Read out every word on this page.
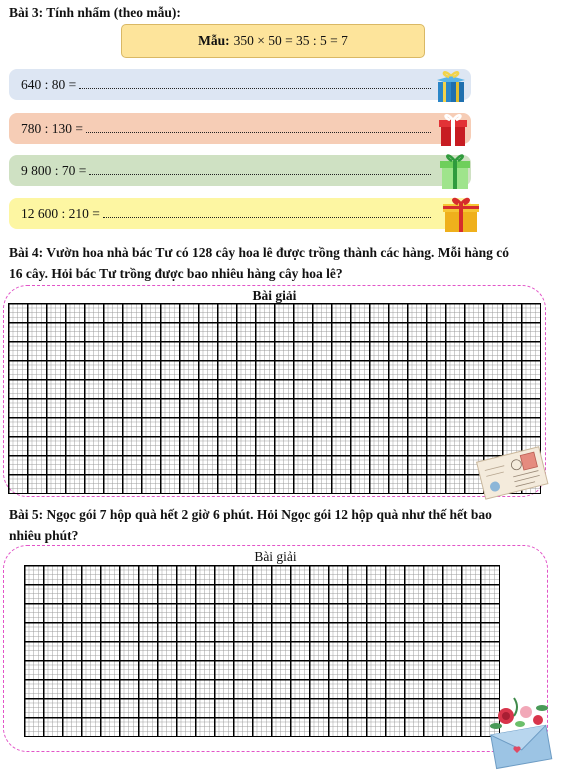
Bài 3: Tính nhẩm (theo mẫu):
Mẫu: 350 × 50 = 35 : 5 = 7
640 : 80 =
780 : 130 =
9 800 : 70 =
12 600 : 210 =
Bài 4: Vườn hoa nhà bác Tư có 128 cây hoa lê được trồng thành các hàng. Mỗi hàng có
16 cây. Hỏi bác Tư trồng được bao nhiêu hàng cây hoa lê?
Bài giải
Bài 5: Ngọc gói 7 hộp quà hết 2 giờ 6 phút. Hỏi Ngọc gói 12 hộp quà như thế hết bao
nhiêu phút?
Bài giải
